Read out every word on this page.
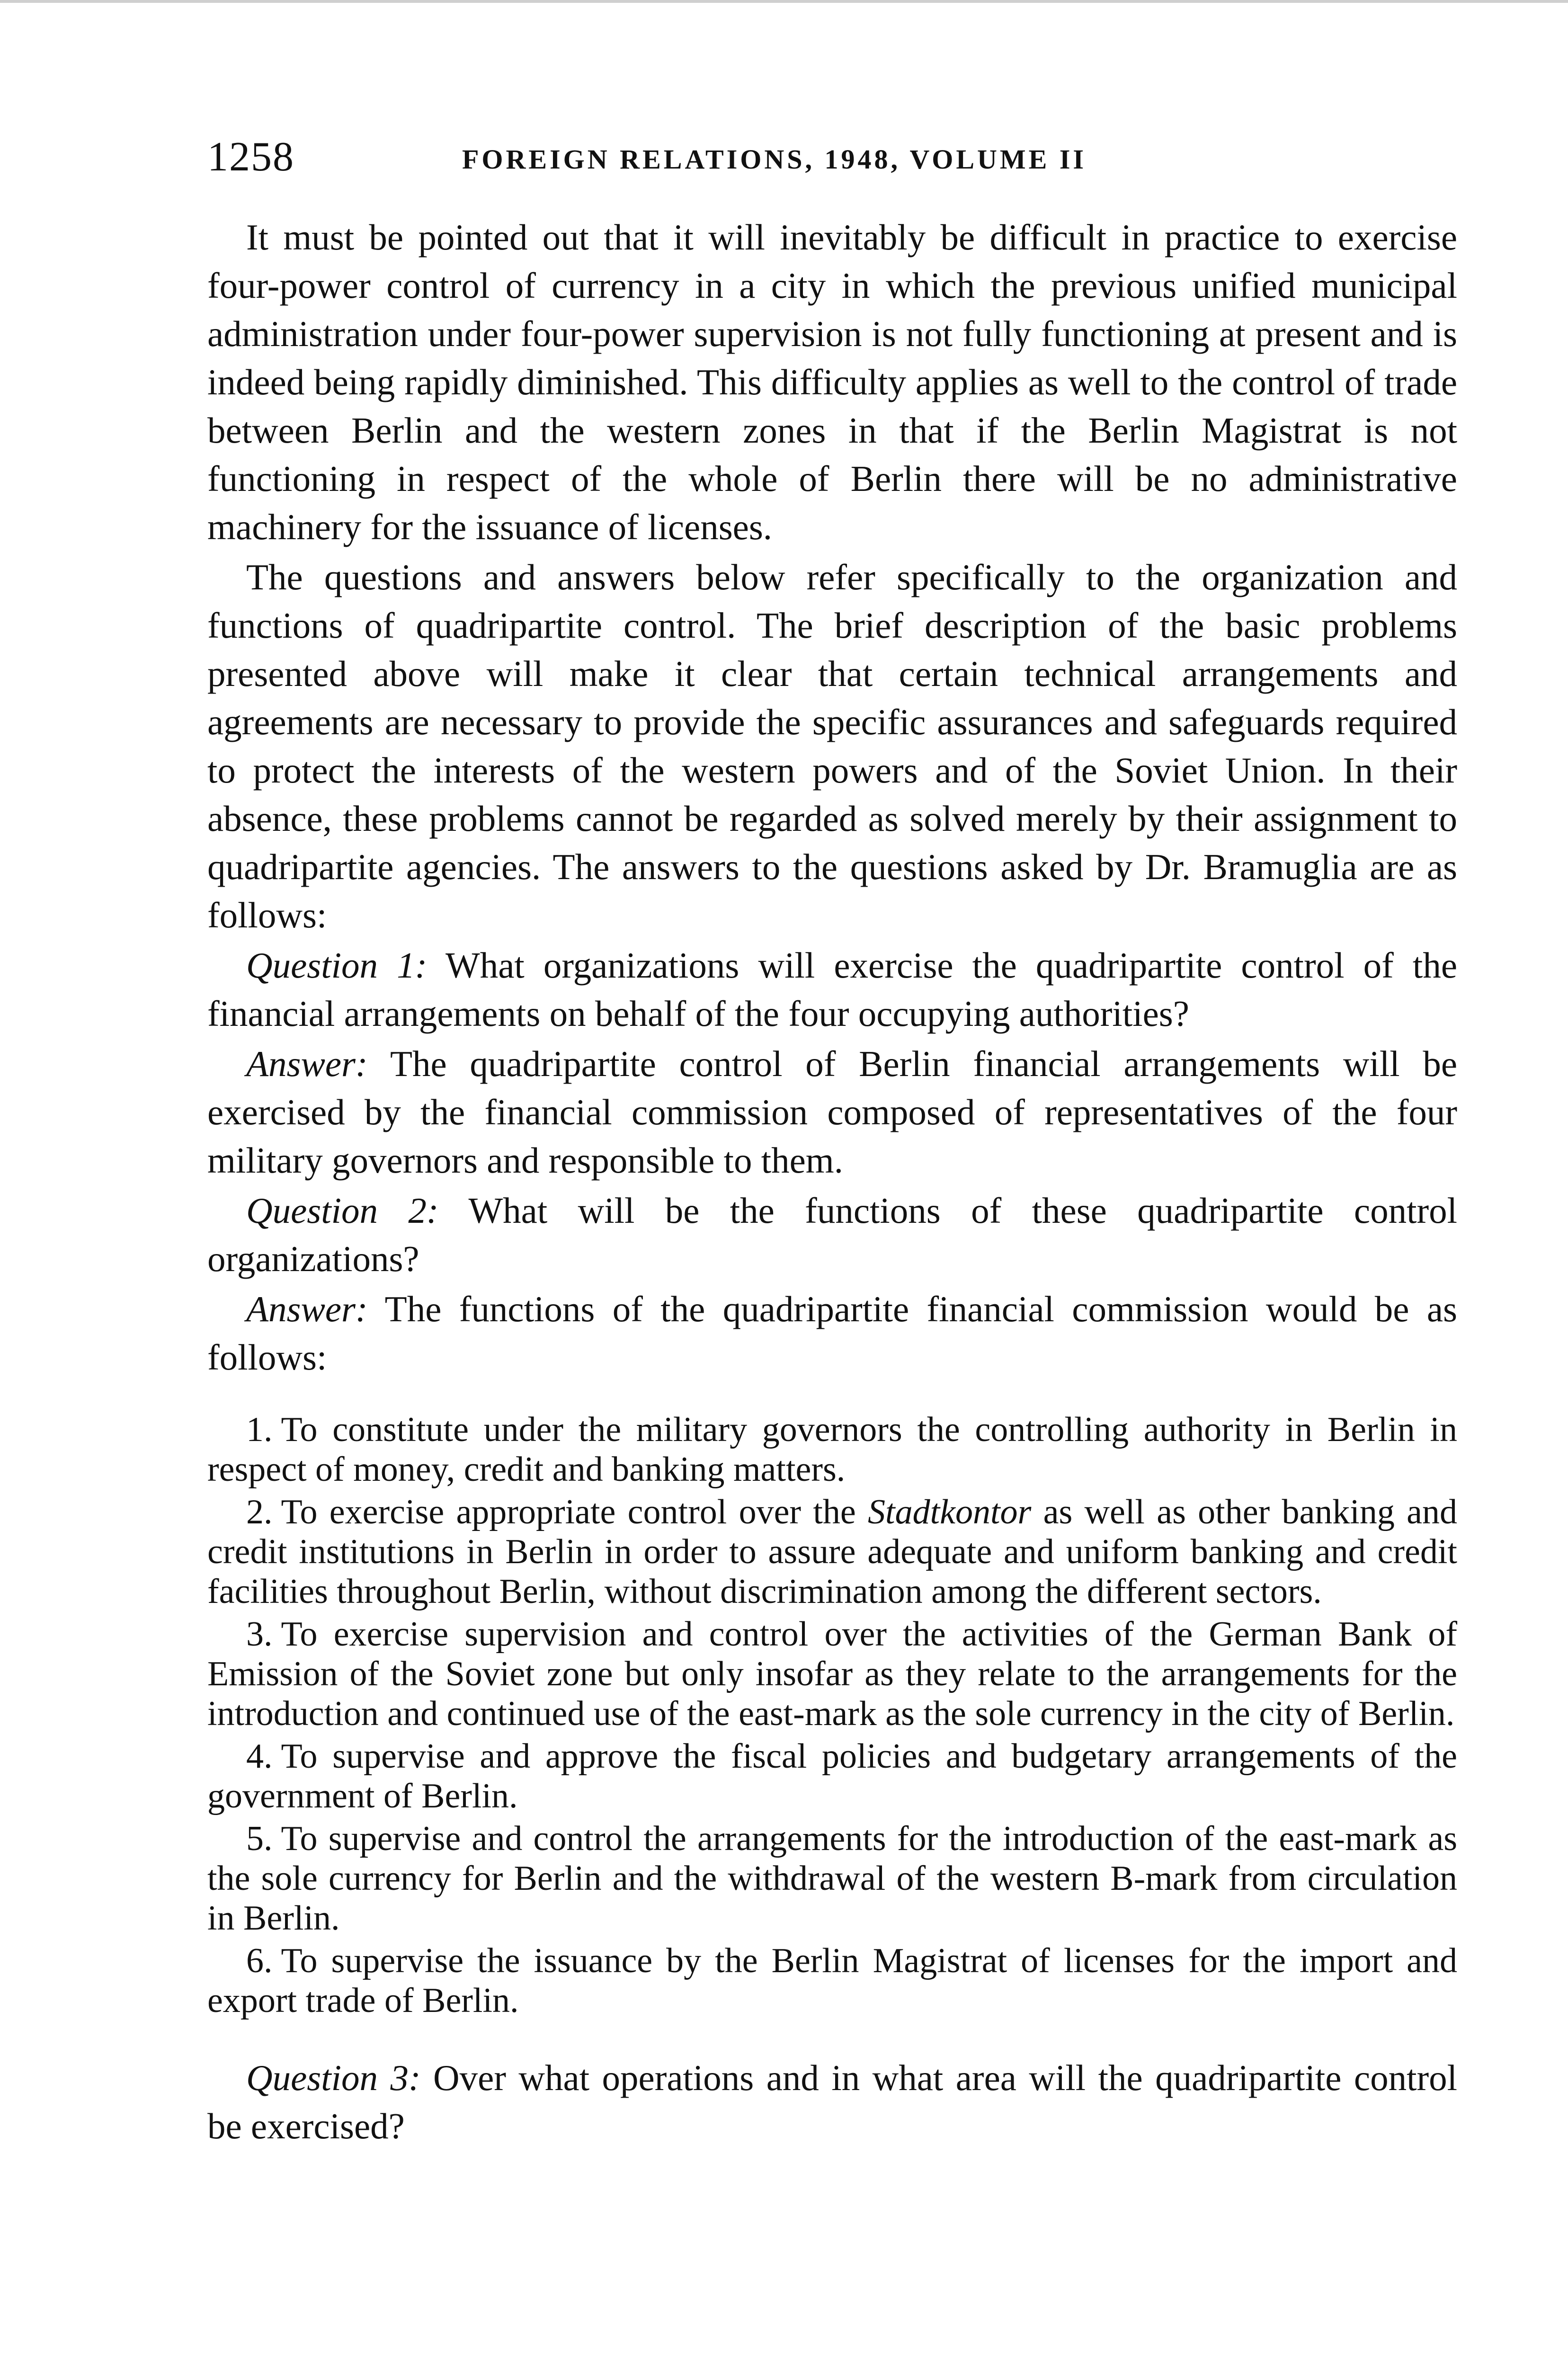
1258	FOREIGN RELATIONS, 1948, VOLUME II

It must be pointed out that it will inevitably be difficult in practice to exercise four-power control of currency in a city in which the previous unified municipal administration under four-power supervision is not fully functioning at present and is indeed being rapidly diminished. This difficulty applies as well to the control of trade between Berlin and the western zones in that if the Berlin Magistrat is not functioning in respect of the whole of Berlin there will be no administrative machinery for the issuance of licenses.

The questions and answers below refer specifically to the organization and functions of quadripartite control. The brief description of the basic problems presented above will make it clear that certain technical arrangements and agreements are necessary to provide the specific assurances and safeguards required to protect the interests of the western powers and of the Soviet Union. In their absence, these problems cannot be regarded as solved merely by their assignment to quadripartite agencies. The answers to the questions asked by Dr. Bramuglia are as follows:

Question 1: What organizations will exercise the quadripartite control of the financial arrangements on behalf of the four occupying authorities?

Answer: The quadripartite control of Berlin financial arrangements will be exercised by the financial commission composed of representatives of the four military governors and responsible to them.

Question 2: What will be the functions of these quadripartite control organizations?

Answer: The functions of the quadripartite financial commission would be as follows:

1. To constitute under the military governors the controlling authority in Berlin in respect of money, credit and banking matters.
2. To exercise appropriate control over the Stadtkontor as well as other banking and credit institutions in Berlin in order to assure adequate and uniform banking and credit facilities throughout Berlin, without discrimination among the different sectors.
3. To exercise supervision and control over the activities of the German Bank of Emission of the Soviet zone but only insofar as they relate to the arrangements for the introduction and continued use of the east-mark as the sole currency in the city of Berlin.
4. To supervise and approve the fiscal policies and budgetary arrangements of the government of Berlin.
5. To supervise and control the arrangements for the introduction of the east-mark as the sole currency for Berlin and the withdrawal of the western B-mark from circulation in Berlin.
6. To supervise the issuance by the Berlin Magistrat of licenses for the import and export trade of Berlin.

Question 3: Over what operations and in what area will the quadripartite control be exercised?
